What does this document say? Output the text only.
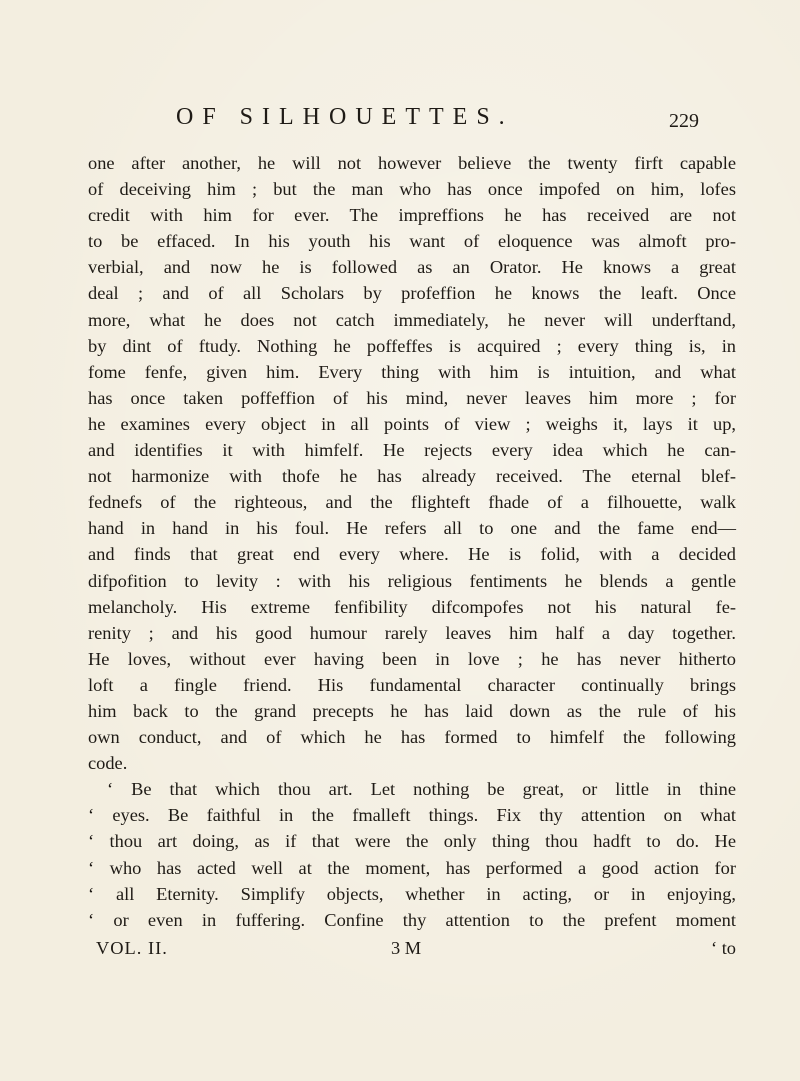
OF SILHOUETTES.	229
one after another, he will not however believe the twenty firft capable
of deceiving him ; but the man who has once impofed on him, lofes
credit with him for ever. The impreffions he has received are not
to be effaced. In his youth his want of eloquence was almoft pro-
verbial, and now he is followed as an Orator. He knows a great
deal ; and of all Scholars by profeffion he knows the leaft. Once
more, what he does not catch immediately, he never will underftand,
by dint of ftudy. Nothing he poffeffes is acquired ; every thing is, in
fome fenfe, given him. Every thing with him is intuition, and what
has once taken poffeffion of his mind, never leaves him more ; for
he examines every object in all points of view ; weighs it, lays it up,
and identifies it with himfelf. He rejects every idea which he can-
not harmonize with thofe he has already received. The eternal blef-
fednefs of the righteous, and the flighteft fhade of a filhouette, walk
hand in hand in his foul. He refers all to one and the fame end—
and finds that great end every where. He is folid, with a decided
difpofition to levity : with his religious fentiments he blends a gentle
melancholy. His extreme fenfibility difcompofes not his natural fe-
renity ; and his good humour rarely leaves him half a day together.
He loves, without ever having been in love ; he has never hitherto
loft a fingle friend. His fundamental character continually brings
him back to the grand precepts he has laid down as the rule of his
own conduct, and of which he has formed to himfelf the following
code.
‘ Be that which thou art. Let nothing be great, or little in thine
‘ eyes. Be faithful in the fmalleft things. Fix thy attention on what
‘ thou art doing, as if that were the only thing thou hadft to do. He
‘ who has acted well at the moment, has performed a good action for
‘ all Eternity. Simplify objects, whether in acting, or in enjoying,
‘ or even in fuffering. Confine thy attention to the prefent moment
VOL. II.	3 M	‘ to
